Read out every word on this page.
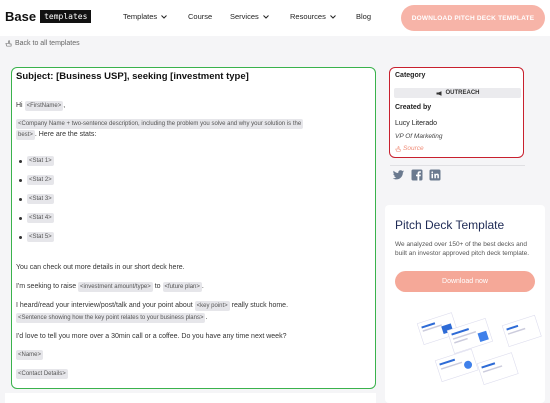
Base	templates	Templates	Course Services	Resources	Blog	DOWNLOAD PITCH DECK TEMPLATE
Back to all templates
Subject: [Business USP], seeking [investment type]
Hi <FirstName> ,
<Company Name + two-sentence description, including the problem you solve and why your solution is the
best> . Here are the stats:
<Stat 1>
<Stat 2>
<Stat 3>
<Stat 4>
<Stat 5>
You can check out more details in our short deck here.
I'm seeking to raise <investment amount/type> to <future plan> .
I heard/read your interview/post/talk and your point about <key point> really stuck home.
<Sentence showing how the key point relates to your business plans> .
I'd love to tell you more over a 30min call or a coffee. Do you have any time next week?
<Name>
<Contact Details>
Category
OUTREACH
Created by
Lucy Literado
VP Of Marketing
Source
Pitch Deck Template
We analyzed over 150+ of the best decks and built an investor approved pitch deck template.
Download now
